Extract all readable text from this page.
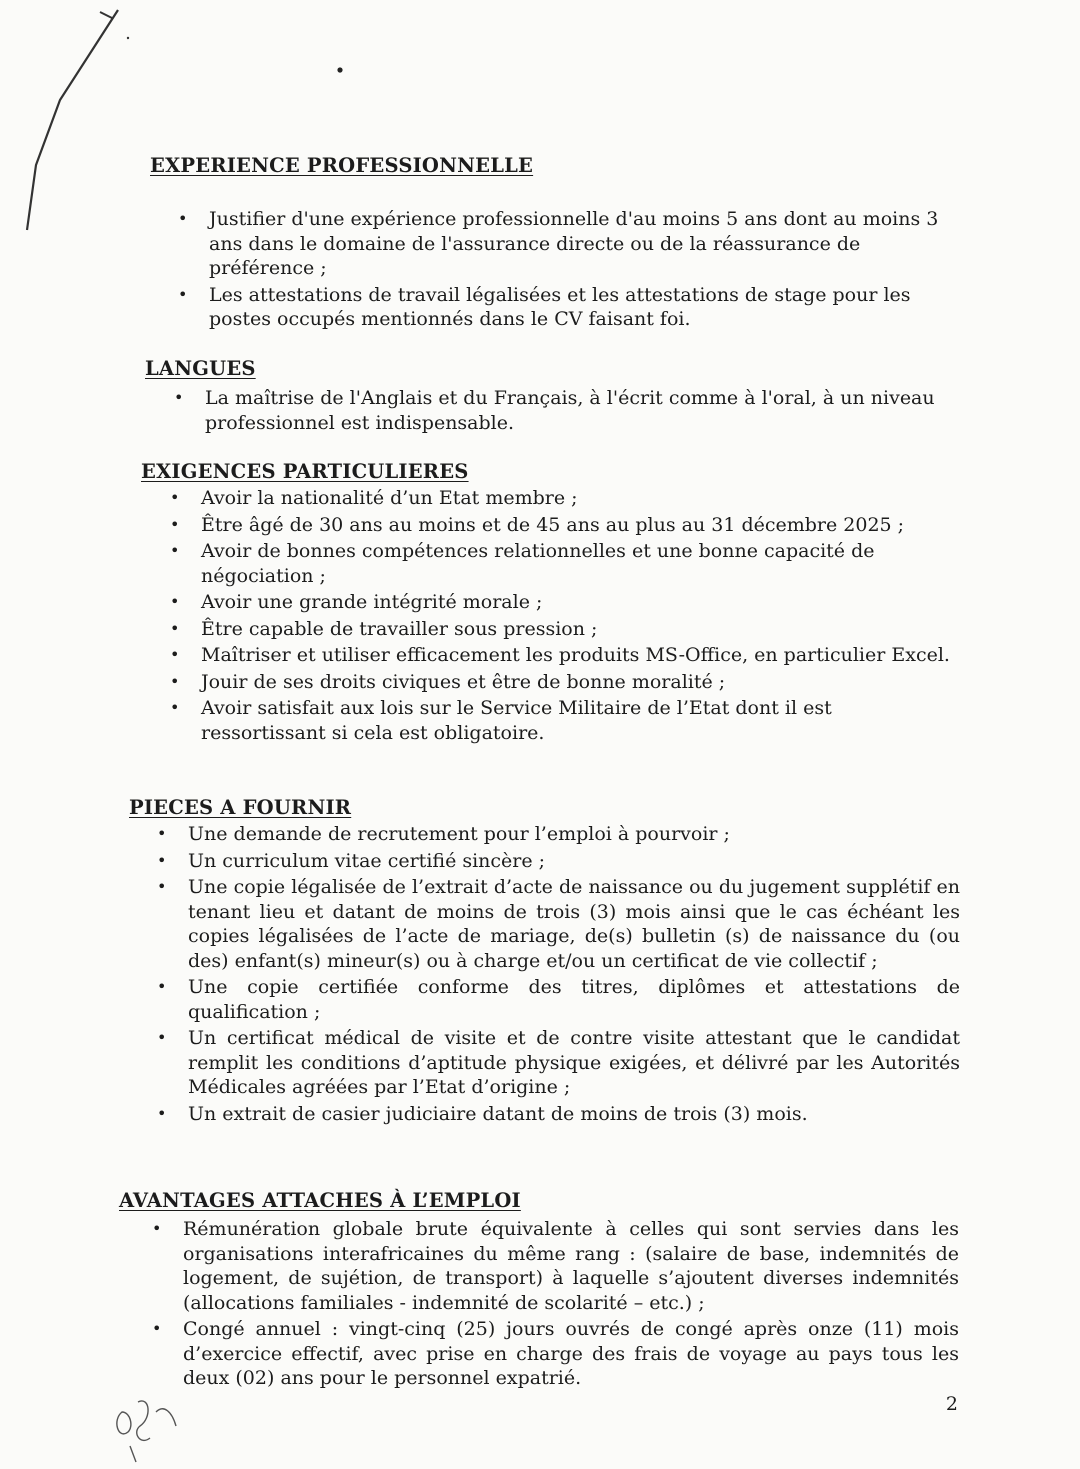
EXPERIENCE PROFESSIONNELLE
• Justifier d'une expérience professionnelle d'au moins 5 ans dont au moins 3 ans dans le domaine de l'assurance directe ou de la réassurance de préférence ;
• Les attestations de travail légalisées et les attestations de stage pour les postes occupés mentionnés dans le CV faisant foi.
LANGUES
• La maîtrise de l'Anglais et du Français, à l'écrit comme à l'oral, à un niveau professionnel est indispensable.
EXIGENCES PARTICULIERES
• Avoir la nationalité d’un Etat membre ;
• Être âgé de 30 ans au moins et de 45 ans au plus au 31 décembre 2025 ;
• Avoir de bonnes compétences relationnelles et une bonne capacité de négociation ;
• Avoir une grande intégrité morale ;
• Être capable de travailler sous pression ;
• Maîtriser et utiliser efficacement les produits MS-Office, en particulier Excel.
• Jouir de ses droits civiques et être de bonne moralité ;
• Avoir satisfait aux lois sur le Service Militaire de l’Etat dont il est ressortissant si cela est obligatoire.
PIECES A FOURNIR
• Une demande de recrutement pour l’emploi à pourvoir ;
• Un curriculum vitae certifié sincère ;
• Une copie légalisée de l’extrait d’acte de naissance ou du jugement supplétif en tenant lieu et datant de moins de trois (3) mois ainsi que le cas échéant les copies légalisées de l’acte de mariage, de(s) bulletin (s) de naissance du (ou des) enfant(s) mineur(s) ou à charge et/ou un certificat de vie collectif ;
• Une copie certifiée conforme des titres, diplômes et attestations de qualification ;
• Un certificat médical de visite et de contre visite attestant que le candidat remplit les conditions d’aptitude physique exigées, et délivré par les Autorités Médicales agréées par l’Etat d’origine ;
• Un extrait de casier judiciaire datant de moins de trois (3) mois.
AVANTAGES ATTACHES À L’EMPLOI
• Rémunération globale brute équivalente à celles qui sont servies dans les organisations interafricaines du même rang : (salaire de base, indemnités de logement, de sujétion, de transport) à laquelle s’ajoutent diverses indemnités (allocations familiales - indemnité de scolarité – etc.) ;
• Congé annuel : vingt-cinq (25) jours ouvrés de congé après onze (11) mois d’exercice effectif, avec prise en charge des frais de voyage au pays tous les deux (02) ans pour le personnel expatrié.
2
